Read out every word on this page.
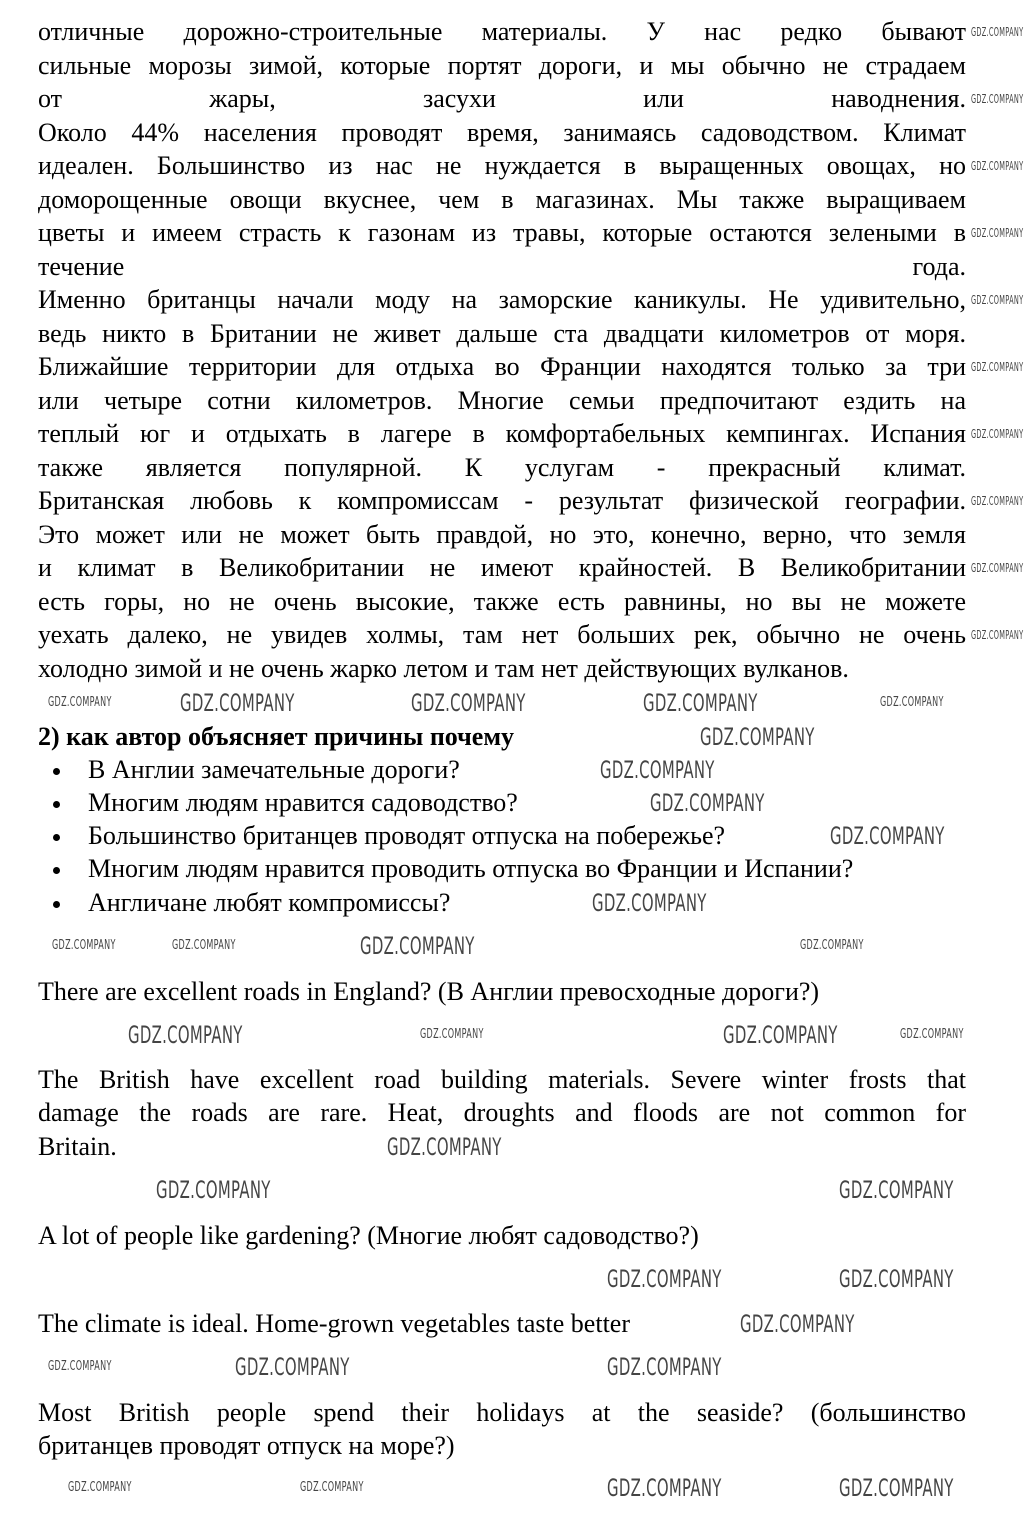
отличные дорожно-строительные материалы. У нас редко бывают
сильные морозы зимой, которые портят дороги, и мы обычно не страдаем
от жары, засухи или наводнения.
Около 44% населения проводят время, занимаясь садоводством. Климат
идеален. Большинство из нас не нуждается в выращенных овощах, но
доморощенные овощи вкуснее, чем в магазинах. Мы также выращиваем
цветы и имеем страсть к газонам из травы, которые остаются зелеными в
течение года.
Именно британцы начали моду на заморские каникулы. Не удивительно,
ведь никто в Британии не живет дальше ста двадцати километров от моря.
Ближайшие территории для отдыха во Франции находятся только за три
или четыре сотни километров. Многие семьи предпочитают ездить на
теплый юг и отдыхать в лагере в комфортабельных кемпингах. Испания
также является популярной. К услугам - прекрасный климат.
Британская любовь к компромиссам - результат физической географии.
Это может или не может быть правдой, но это, конечно, верно, что земля
и климат в Великобритании не имеют крайностей. В Великобритании
есть горы, но не очень высокие, также есть равнины, но вы не можете
уехать далеко, не увидев холмы, там нет больших рек, обычно не очень
холодно зимой и не очень жарко летом и там нет действующих вулканов.
2) как автор объясняет причины почему
В Англии замечательные дороги?
Многим людям нравится садоводство?
Большинство британцев проводят отпуска на побережье?
Многим людям нравится проводить отпуска во Франции и Испании?
Англичане любят компромиссы?
There are excellent roads in England? (В Англии превосходные дороги?)
The British have excellent road building materials. Severe winter frosts that
damage the roads are rare. Heat, droughts and floods are not common for
Britain.
A lot of people like gardening? (Многие любят садоводство?)
The climate is ideal. Home-grown vegetables taste better
Most British people spend their holidays at the seaside? (большинство
британцев проводят отпуск на море?)
GDZ.COMPANY	GDZ.COMPANY	GDZ.COMPANY
GDZ.COMPANY
GDZ.COMPANY
GDZ.COMPANY
GDZ.COMPANY
GDZ.COMPANY
GDZ.COMPANY
GDZ.COMPANY
GDZ.COMPANY
GDZ.COMPANY
GDZ.COMPANY	GDZ.COMPANY
GDZ.COMPANY	GDZ.COMPANY
GDZ.COMPANY
GDZ.COMPANY	GDZ.COMPANY
GDZ.COMPANY	GDZ.COMPANY
GDZ.COMPANY
GDZ.COMPANY
GDZ.COMPANY
GDZ.COMPANY
GDZ.COMPANY
GDZ.COMPANY
GDZ.COMPANY
GDZ.COMPANY
GDZ.COMPANY
GDZ.COMPANY
GDZ.COMPANY	GDZ.COMPANY
GDZ.COMPANY	GDZ.COMPANY	GDZ.COMPANY
GDZ.COMPANY	GDZ.COMPANY
GDZ.COMPANY
GDZ.COMPANY	GDZ.COMPANY
